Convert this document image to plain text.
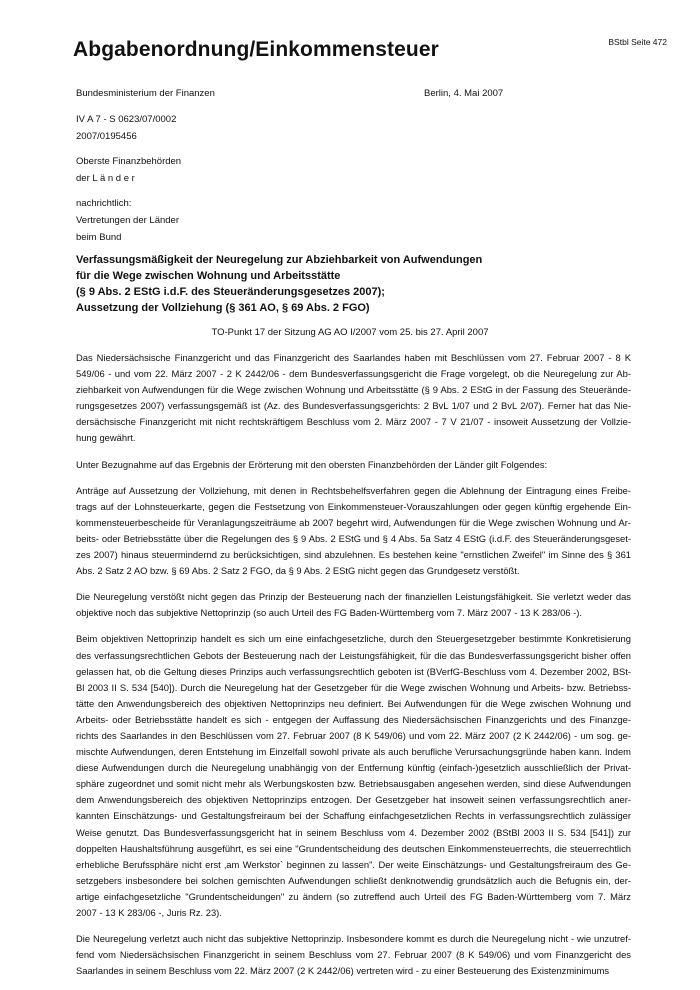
BStbl Seite 472
Abgabenordnung/Einkommensteuer
Bundesministerium der Finanzen	Berlin, 4. Mai 2007
IV A 7 - S 0623/07/0002
2007/0195456
Oberste Finanzbehörden
der L ä n d e r
nachrichtlich:
Vertretungen der Länder
beim Bund
Verfassungsmäßigkeit der Neuregelung zur Abziehbarkeit von Aufwendungen
für die Wege zwischen Wohnung und Arbeitsstätte
(§ 9 Abs. 2 EStG i.d.F. des Steueränderungsgesetzes 2007);
Aussetzung der Vollziehung (§ 361 AO, § 69 Abs. 2 FGO)
TO-Punkt 17 der Sitzung AG AO I/2007 vom 25. bis 27. April 2007

Das Niedersächsische Finanzgericht und das Finanzgericht des Saarlandes haben mit Beschlüssen vom 27. Februar 2007 - 8 K
549/06 - und vom 22. März 2007 - 2 K 2442/06 - dem Bundesverfassungsgericht die Frage vorgelegt, ob die Neuregelung zur Ab-
ziehbarkeit von Aufwendungen für die Wege zwischen Wohnung und Arbeitsstätte (§ 9 Abs. 2 EStG in der Fassung des Steuerände-
rungsgesetzes 2007) verfassungsgemäß ist (Az. des Bundesverfassungsgerichts: 2 BvL 1/07 und 2 BvL 2/07). Ferner hat das Nie-
dersächsische Finanzgericht mit nicht rechtskräftigem Beschluss vom 2. März 2007 - 7 V 21/07 - insoweit Aussetzung der Vollzie-
hung gewährt.

Unter Bezugnahme auf das Ergebnis der Erörterung mit den obersten Finanzbehörden der Länder gilt Folgendes:

Anträge auf Aussetzung der Vollziehung, mit denen in Rechtsbehelfsverfahren gegen die Ablehnung der Eintragung eines Freibe-
trags auf der Lohnsteuerkarte, gegen die Festsetzung von Einkommensteuer-Vorauszahlungen oder gegen künftig ergehende Ein-
kommensteuerbescheide für Veranlagungszeiträume ab 2007 begehrt wird, Aufwendungen für die Wege zwischen Wohnung und Ar-
beits- oder Betriebsstätte über die Regelungen des § 9 Abs. 2 EStG und § 4 Abs. 5a Satz 4 EStG (i.d.F. des Steueränderungsgeset-
zes 2007) hinaus steuermindernd zu berücksichtigen, sind abzulehnen. Es bestehen keine "ernstlichen Zweifel" im Sinne des § 361
Abs. 2 Satz 2 AO bzw. § 69 Abs. 2 Satz 2 FGO, da § 9 Abs. 2 EStG nicht gegen das Grundgesetz verstößt.

Die Neuregelung verstößt nicht gegen das Prinzip der Besteuerung nach der finanziellen Leistungsfähigkeit. Sie verletzt weder das
objektive noch das subjektive Nettoprinzip (so auch Urteil des FG Baden-Württemberg vom 7. März 2007 - 13 K 283/06 -).

Beim objektiven Nettoprinzip handelt es sich um eine einfachgesetzliche, durch den Steuergesetzgeber bestimmte Konkretisierung
des verfassungsrechtlichen Gebots der Besteuerung nach der Leistungsfähigkeit, für die das Bundesverfassungsgericht bisher offen
gelassen hat, ob die Geltung dieses Prinzips auch verfassungsrechtlich geboten ist (BVerfG-Beschluss vom 4. Dezember 2002, BSt-
Bl 2003 II S. 534 [540]). Durch die Neuregelung hat der Gesetzgeber für die Wege zwischen Wohnung und Arbeits- bzw. Betriebss-
tätte den Anwendungsbereich des objektiven Nettoprinzips neu definiert. Bei Aufwendungen für die Wege zwischen Wohnung und
Arbeits- oder Betriebsstätte handelt es sich - entgegen der Auffassung des Niedersächsischen Finanzgerichts und des Finanzge-
richts des Saarlandes in den Beschlüssen vom 27. Februar 2007 (8 K 549/06) und vom 22. März 2007 (2 K 2442/06) - um sog. ge-
mischte Aufwendungen, deren Entstehung im Einzelfall sowohl private als auch berufliche Verursachungsgründe haben kann. Indem
diese Aufwendungen durch die Neuregelung unabhängig von der Entfernung künftig (einfach-)gesetzlich ausschließlich der Privat-
sphäre zugeordnet und somit nicht mehr als Werbungskosten bzw. Betriebsausgaben angesehen werden, sind diese Aufwendungen
dem Anwendungsbereich des objektiven Nettoprinzips entzogen. Der Gesetzgeber hat insoweit seinen verfassungsrechtlich aner-
kannten Einschätzungs- und Gestaltungsfreiraum bei der Schaffung einfachgesetzlichen Rechts in verfassungsrechtlich zulässiger
Weise genutzt. Das Bundesverfassungsgericht hat in seinem Beschluss vom 4. Dezember 2002 (BStBl 2003 II S. 534 [541]) zur
doppelten Haushaltsführung ausgeführt, es sei eine "Grundentscheidung des deutschen Einkommensteuerrechts, die steuerrechtlich
erhebliche Berufssphäre nicht erst ‚am Werkstor` beginnen zu lassen". Der weite Einschätzungs- und Gestaltungsfreiraum des Ge-
setzgebers insbesondere bei solchen gemischten Aufwendungen schließt denknotwendig grundsätzlich auch die Befugnis ein, der-
artige einfachgesetzliche "Grundentscheidungen" zu ändern (so zutreffend auch Urteil des FG Baden-Württemberg vom 7. März
2007 - 13 K 283/06 -, Juris Rz. 23).

Die Neuregelung verletzt auch nicht das subjektive Nettoprinzip. Insbesondere kommt es durch die Neuregelung nicht - wie unzutref-
fend vom Niedersächsischen Finanzgericht in seinem Beschluss vom 27. Februar 2007 (8 K 549/06) und vom Finanzgericht des
Saarlandes in seinem Beschluss vom 22. März 2007 (2 K 2442/06) vertreten wird - zu einer Besteuerung des Existenzminimums
